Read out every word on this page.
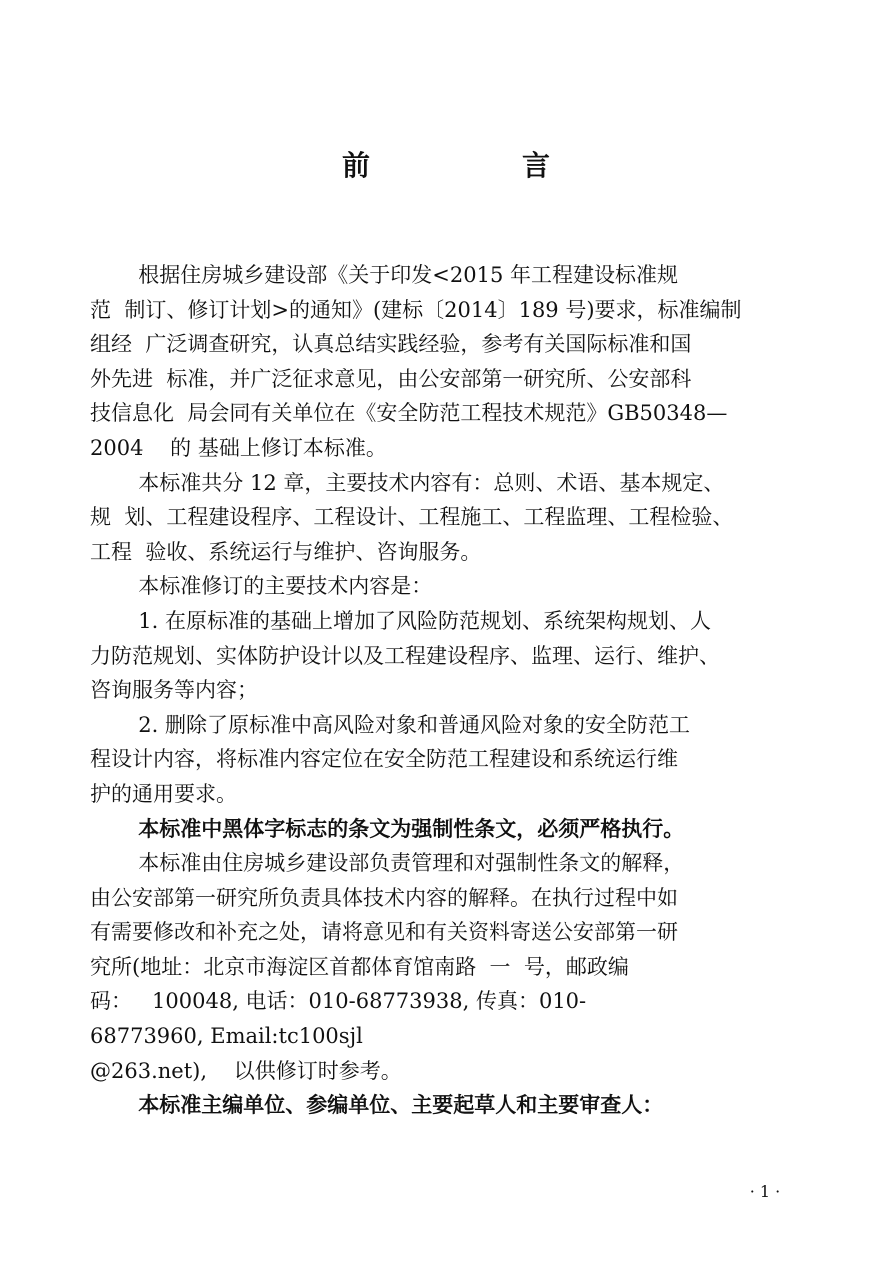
前　言

根据住房城乡建设部《关于印发<2015 年工程建设标准规
范  制订、修订计划>的通知》(建标〔2014〕189 号)要求，标准编制
组经  广泛调查研究，认真总结实践经验，参考有关国际标准和国
外先进  标准，并广泛征求意见，由公安部第一研究所、公安部科
技信息化  局会同有关单位在《安全防范工程技术规范》GB50348—
2004    的 基础上修订本标准。

本标准共分 12 章，主要技术内容有：总则、术语、基本规定、
规  划、工程建设程序、工程设计、工程施工、工程监理、工程检验、
工程  验收、系统运行与维护、咨询服务。

本标准修订的主要技术内容是：

1. 在原标准的基础上增加了风险防范规划、系统架构规划、人
力防范规划、实体防护设计以及工程建设程序、监理、运行、维护、
咨询服务等内容；

2. 删除了原标准中高风险对象和普通风险对象的安全防范工
程设计内容，将标准内容定位在安全防范工程建设和系统运行维
护的通用要求。

本标准中黑体字标志的条文为强制性条文，必须严格执行。

本标准由住房城乡建设部负责管理和对强制性条文的解释，
由公安部第一研究所负责具体技术内容的解释。在执行过程中如
有需要修改和补充之处，请将意见和有关资料寄送公安部第一研
究所(地址：北京市海淀区首都体育馆南路  一  号，邮政编
码：   100048, 电话：010-68773938, 传真：010-
68773960, Email:tc100sjl
@263.net),    以供修订时参考。

本标准主编单位、参编单位、主要起草人和主要审查人：

· 1 ·
